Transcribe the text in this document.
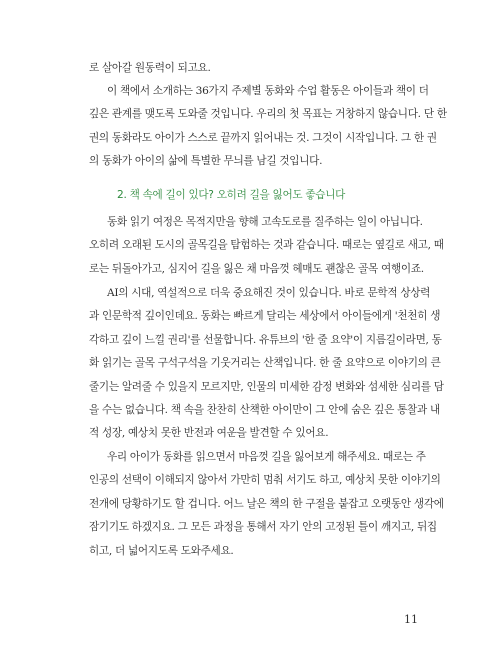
로 살아갈 원동력이 되고요.
이 책에서 소개하는 36가지 주제별 동화와 수업 활동은 아이들과 책이 더
깊은 관계를 맺도록 도와줄 것입니다. 우리의 첫 목표는 거창하지 않습니다. 단 한
권의 동화라도 아이가 스스로 끝까지 읽어내는 것. 그것이 시작입니다. 그 한 권
의 동화가 아이의 삶에 특별한 무늬를 남길 것입니다.
2. 책 속에 길이 있다? 오히려 길을 잃어도 좋습니다
동화 읽기 여정은 목적지만을 향해 고속도로를 질주하는 일이 아닙니다.
오히려 오래된 도시의 골목길을 탐험하는 것과 같습니다. 때로는 옆길로 새고, 때
로는 뒤돌아가고, 심지어 길을 잃은 채 마음껏 헤매도 괜찮은 골목 여행이죠.
AI의 시대, 역설적으로 더욱 중요해진 것이 있습니다. 바로 문학적 상상력
과 인문학적 깊이인데요. 동화는 빠르게 달리는 세상에서 아이들에게 '천천히 생
각하고 깊이 느낄 권리'를 선물합니다. 유튜브의 '한 줄 요약'이 지름길이라면, 동
화 읽기는 골목 구석구석을 기웃거리는 산책입니다. 한 줄 요약으로 이야기의 큰
줄기는 알려줄 수 있을지 모르지만, 인물의 미세한 감정 변화와 섬세한 심리를 담
을 수는 없습니다. 책 속을 찬찬히 산책한 아이만이 그 안에 숨은 깊은 통찰과 내
적 성장, 예상치 못한 반전과 여운을 발견할 수 있어요.
우리 아이가 동화를 읽으면서 마음껏 길을 잃어보게 해주세요. 때로는 주
인공의 선택이 이해되지 않아서 가만히 멈춰 서기도 하고, 예상치 못한 이야기의
전개에 당황하기도 할 겁니다. 어느 날은 책의 한 구절을 붙잡고 오랫동안 생각에
잠기기도 하겠지요. 그 모든 과정을 통해서 자기 안의 고정된 틀이 깨지고, 뒤집
히고, 더 넓어지도록 도와주세요.
11
